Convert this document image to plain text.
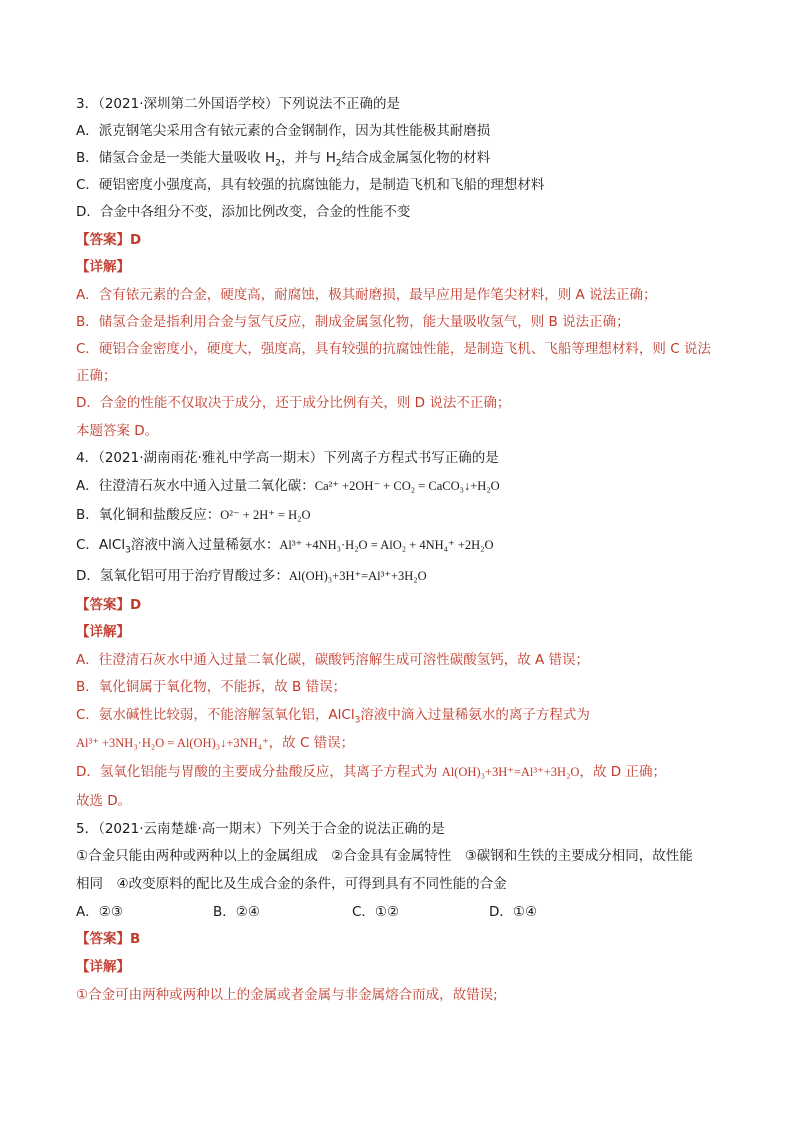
3．（2021·深圳第二外国语学校）下列说法不正确的是
A．派克钢笔尖采用含有铱元素的合金钢制作，因为其性能极其耐磨损
B．储氢合金是一类能大量吸收 $H_2$，并与 $H_2$结合成金属氢化物的材料
C．硬铝密度小强度高，具有较强的抗腐蚀能力，是制造飞机和飞船的理想材料
D．合金中各组分不变，添加比例改变，合金的性能不变
【答案】D
【详解】
A．含有铱元素的合金，硬度高，耐腐蚀，极其耐磨损，最早应用是作笔尖材料，则 A 说法正确；
B．储氢合金是指利用合金与氢气反应，制成金属氢化物，能大量吸收氢气，则 B 说法正确；
C．硬铝合金密度小，硬度大，强度高，具有较强的抗腐蚀性能，是制造飞机、飞船等理想材料，则 C 说法
正确；
D．合金的性能不仅取决于成分，还于成分比例有关，则 D 说法不正确；
本题答案 D。
4．（2021·湖南雨花·雅礼中学高一期末）下列离子方程式书写正确的是
A．往澄清石灰水中通入过量二氧化碳：Ca²⁺ +2OH⁻ + CO₂ = CaCO₃↓+H₂O
B．氧化铜和盐酸反应：O²⁻ + 2H⁺ = H₂O
C．AlCl$_3$溶液中滴入过量稀氨水：Al³⁺ +4NH₃·H₂O = AlO₂ + 4NH₄⁺ +2H₂O
D．氢氧化铝可用于治疗胃酸过多：Al(OH)₃+3H⁺=Al³⁺+3H₂O
【答案】D
【详解】
A．往澄清石灰水中通入过量二氧化碳，碳酸钙溶解生成可溶性碳酸氢钙，故 A 错误；
B．氧化铜属于氧化物，不能拆，故 B 错误；
C．氨水碱性比较弱，不能溶解氢氧化铝，AlCl$_3$溶液中滴入过量稀氨水的离子方程式为
Al³⁺ +3NH₃·H₂O = Al(OH)₃↓+3NH₄⁺，故 C 错误；
D．氢氧化铝能与胃酸的主要成分盐酸反应，其离子方程式为 Al(OH)₃+3H⁺=Al³⁺+3H₂O，故 D 正确；
故选 D。
5．（2021·云南楚雄·高一期末）下列关于合金的说法正确的是
①合金只能由两种或两种以上的金属组成　②合金具有金属特性　③碳钢和生铁的主要成分相同，故性能
相同　④改变原料的配比及生成合金的条件，可得到具有不同性能的合金
A．②③	B．②④	C．①②	D．①④
【答案】B
【详解】
①合金可由两种或两种以上的金属或者金属与非金属熔合而成，故错误;
